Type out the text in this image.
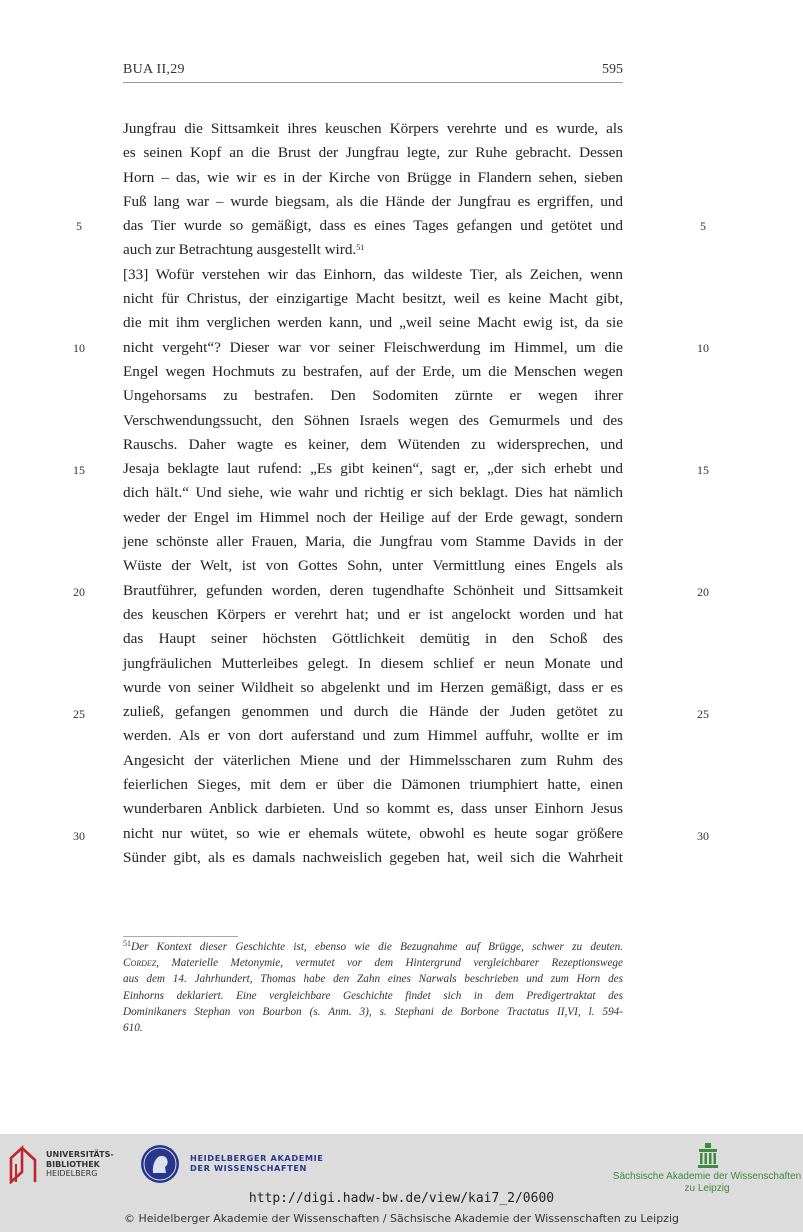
BUA II,29	595
Jungfrau die Sittsamkeit ihres keuschen Körpers verehrte und es wurde, als
es seinen Kopf an die Brust der Jungfrau legte, zur Ruhe gebracht. Dessen
Horn – das, wie wir es in der Kirche von Brügge in Flandern sehen, sieben
Fuß lang war – wurde biegsam, als die Hände der Jungfrau es ergriffen, und
das Tier wurde so gemäßigt, dass es eines Tages gefangen und getötet und
auch zur Betrachtung ausgestellt wird.$^{51}$
[33] Wofür verstehen wir das Einhorn, das wildeste Tier, als Zeichen, wenn
nicht für Christus, der einzigartige Macht besitzt, weil es keine Macht gibt,
die mit ihm verglichen werden kann, und „weil seine Macht ewig ist, da sie
nicht vergeht“? Dieser war vor seiner Fleischwerdung im Himmel, um die
Engel wegen Hochmuts zu bestrafen, auf der Erde, um die Menschen wegen
Ungehorsams zu bestrafen. Den Sodomiten zürnte er wegen ihrer
Verschwendungssucht, den Söhnen Israels wegen des Gemurmels und des
Rauschs. Daher wagte es keiner, dem Wütenden zu widersprechen, und
Jesaja beklagte laut rufend: „Es gibt keinen“, sagt er, „der sich erhebt und
dich hält.“ Und siehe, wie wahr und richtig er sich beklagt. Dies hat nämlich
weder der Engel im Himmel noch der Heilige auf der Erde gewagt, sondern
jene schönste aller Frauen, Maria, die Jungfrau vom Stamme Davids in der
Wüste der Welt, ist von Gottes Sohn, unter Vermittlung eines Engels als
Brautführer, gefunden worden, deren tugendhafte Schönheit und Sittsamkeit
des keuschen Körpers er verehrt hat; und er ist angelockt worden und hat
das Haupt seiner höchsten Göttlichkeit demütig in den Schoß des
jungfräulichen Mutterleibes gelegt. In diesem schlief er neun Monate und
wurde von seiner Wildheit so abgelenkt und im Herzen gemäßigt, dass er es
zuließ, gefangen genommen und durch die Hände der Juden getötet zu
werden. Als er von dort auferstand und zum Himmel auffuhr, wollte er im
Angesicht der väterlichen Miene und der Himmelsscharen zum Ruhm des
feierlichen Sieges, mit dem er über die Dämonen triumphiert hatte, einen
wunderbaren Anblick darbieten. Und so kommt es, dass unser Einhorn Jesus
nicht nur wütet, so wie er ehemals wütete, obwohl es heute sogar größere
Sünder gibt, als es damals nachweislich gegeben hat, weil sich die Wahrheit
5
10
15
20
25
30
5
10
15
20
25
30
$^{51}$Der Kontext dieser Geschichte ist, ebenso wie die Bezugnahme auf Brügge, schwer zu deuten.
Cordez, Materielle Metonymie, vermutet vor dem Hintergrund vergleichbarer Rezeptionswege
aus dem 14. Jahrhundert, Thomas habe den Zahn eines Narwals beschrieben und zum Horn des
Einhorns deklariert. Eine vergleichbare Geschichte findet sich in dem Predigertraktat des
Dominikaners Stephan von Bourbon (s. Anm. 3), s. Stephani de Borbone Tractatus II,VI, l. 594-
610.
UNIVERSITÄTS-
BIBLIOTHEK
HEIDELBERG
HEIDELBERGER AKADEMIE
DER WISSENSCHAFTEN
Sächsische Akademie der Wissenschaften
zu Leipzig
http://digi.hadw-bw.de/view/kai7_2/0600
© Heidelberger Akademie der Wissenschaften / Sächsische Akademie der Wissenschaften zu Leipzig
